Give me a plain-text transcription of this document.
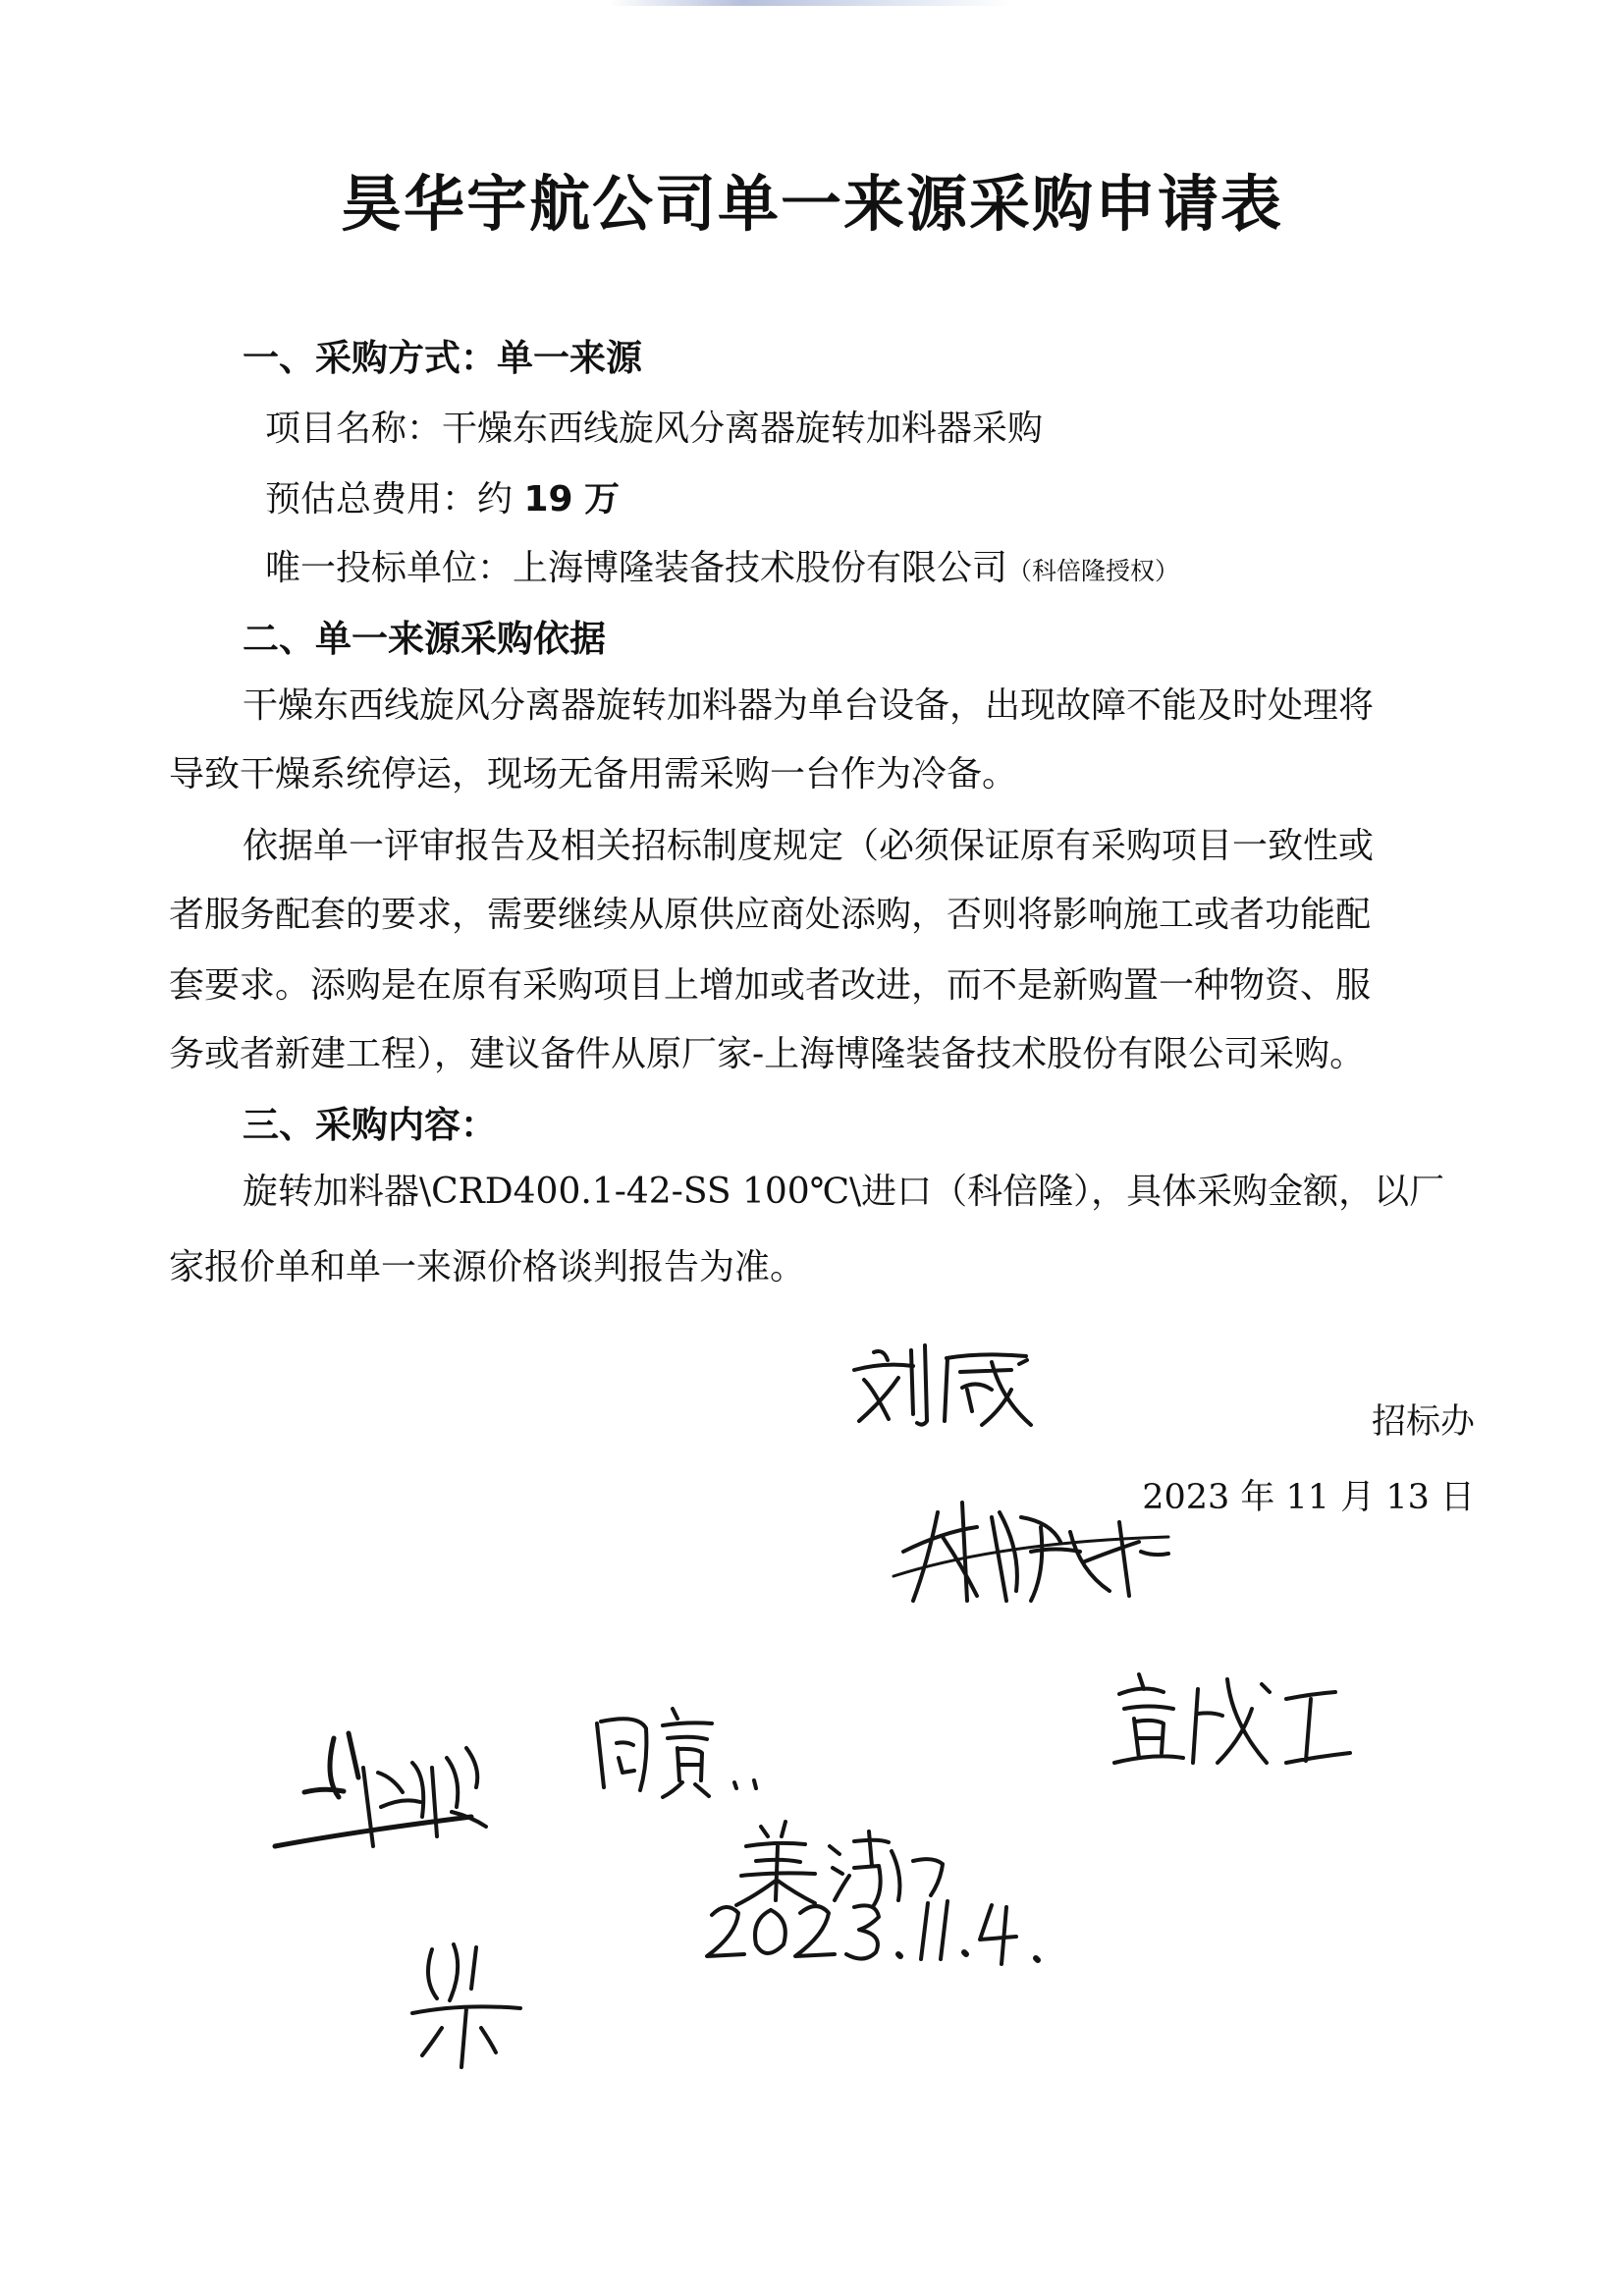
昊华宇航公司单一来源采购申请表
一、采购方式：单一来源
项目名称：干燥东西线旋风分离器旋转加料器采购
预估总费用：约 19 万
唯一投标单位：上海博隆装备技术股份有限公司（科倍隆授权）
二、单一来源采购依据
干燥东西线旋风分离器旋转加料器为单台设备，出现故障不能及时处理将
导致干燥系统停运，现场无备用需采购一台作为冷备。
依据单一评审报告及相关招标制度规定（必须保证原有采购项目一致性或
者服务配套的要求，需要继续从原供应商处添购，否则将影响施工或者功能配
套要求。添购是在原有采购项目上增加或者改进，而不是新购置一种物资、服
务或者新建工程），建议备件从原厂家-上海博隆装备技术股份有限公司采购。
三、采购内容：
旋转加料器\CRD400.1-42-SS 100℃\进口（科倍隆），具体采购金额，以厂
家报价单和单一来源价格谈判报告为准。
招标办
2023 年 11 月 13 日
